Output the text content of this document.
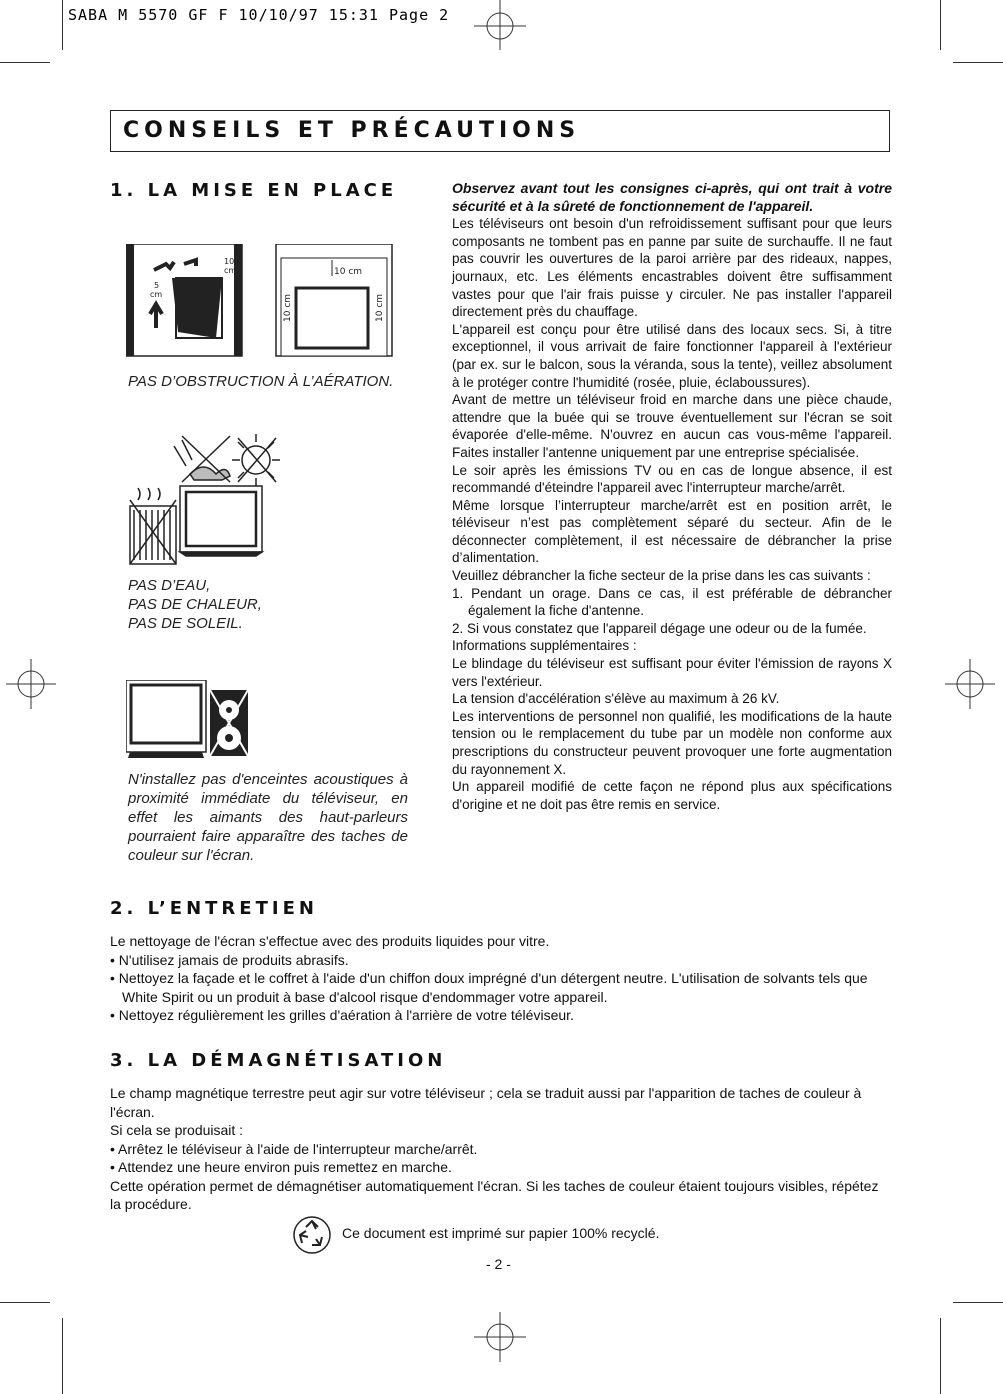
SABA M 5570 GF F 10/10/97 15:31 Page 2
CONSEILS ET PRÉCAUTIONS
1. LA MISE EN PLACE
10
cm
5
cm
10 cm
10 cm	10 cm
PAS D’OBSTRUCTION À L’AÉRATION.
PAS D’EAU,
PAS DE CHALEUR,
PAS DE SOLEIL.
N'installez pas d'enceintes acoustiques à proximité immédiate du téléviseur, en effet les aimants des haut-parleurs pourraient faire apparaître des taches de couleur sur l'écran.

Observez avant tout les consignes ci-après, qui ont trait à votre sécurité et à la sûreté de fonctionnement de l'appareil.

Les téléviseurs ont besoin d'un refroidissement suffisant pour que leurs composants ne tombent pas en panne par suite de surchauffe. Il ne faut pas couvrir les ouvertures de la paroi arrière par des rideaux, nappes, journaux, etc. Les éléments encastrables doivent être suffisamment vastes pour que l'air frais puisse y circuler. Ne pas installer l'appareil directement près du chauffage.

L'appareil est conçu pour être utilisé dans des locaux secs. Si, à titre exceptionnel, il vous arrivait de faire fonctionner l'appareil à l'extérieur (par ex. sur le balcon, sous la véranda, sous la tente), veillez absolument à le protéger contre l'humidité (rosée, pluie, éclaboussures).

Avant de mettre un téléviseur froid en marche dans une pièce chaude, attendre que la buée qui se trouve éventuellement sur l'écran se soit évaporée d'elle-même. N'ouvrez en aucun cas vous-même l'appareil. Faites installer l'antenne uniquement par une entreprise spécialisée.

Le soir après les émissions TV ou en cas de longue absence, il est recommandé d'éteindre l'appareil avec l'interrupteur marche/arrêt.

Même lorsque l’interrupteur marche/arrêt est en position arrêt, le téléviseur n’est pas complètement séparé du secteur. Afin de le déconnecter complètement, il est nécessaire de débrancher la prise d’alimentation.

Veuillez débrancher la fiche secteur de la prise dans les cas suivants :

1. Pendant un orage. Dans ce cas, il est préférable de débrancher également la fiche d'antenne.

2. Si vous constatez que l'appareil dégage une odeur ou de la fumée.

Informations supplémentaires :

Le blindage du téléviseur est suffisant pour éviter l'émission de rayons X vers l'extérieur.

La tension d'accélération s'élève au maximum à 26 kV.

Les interventions de personnel non qualifié, les modifications de la haute tension ou le remplacement du tube par un modèle non conforme aux prescriptions du constructeur peuvent provoquer une forte augmentation du rayonnement X.

Un appareil modifié de cette façon ne répond plus aux spécifications d'origine et ne doit pas être remis en service.

2. L’ENTRETIEN

Le nettoyage de l'écran s'effectue avec des produits liquides pour vitre.

• N'utilisez jamais de produits abrasifs.

• Nettoyez la façade et le coffret à l'aide d'un chiffon doux imprégné d'un détergent neutre. L'utilisation de solvants tels que White Spirit ou un produit à base d'alcool risque d'endommager votre appareil.

• Nettoyez régulièrement les grilles d'aération à l'arrière de votre téléviseur.

3. LA DÉMAGNÉTISATION

Le champ magnétique terrestre peut agir sur votre téléviseur ; cela se traduit aussi par l'apparition de taches de couleur à l'écran.

Si cela se produisait :

• Arrêtez le téléviseur à l'aide de l'interrupteur marche/arrêt.

• Attendez une heure environ puis remettez en marche.

Cette opération permet de démagnétiser automatiquement l'écran. Si les taches de couleur étaient toujours visibles, répétez la procédure.

Ce document est imprimé sur papier 100% recyclé.
- 2 -
